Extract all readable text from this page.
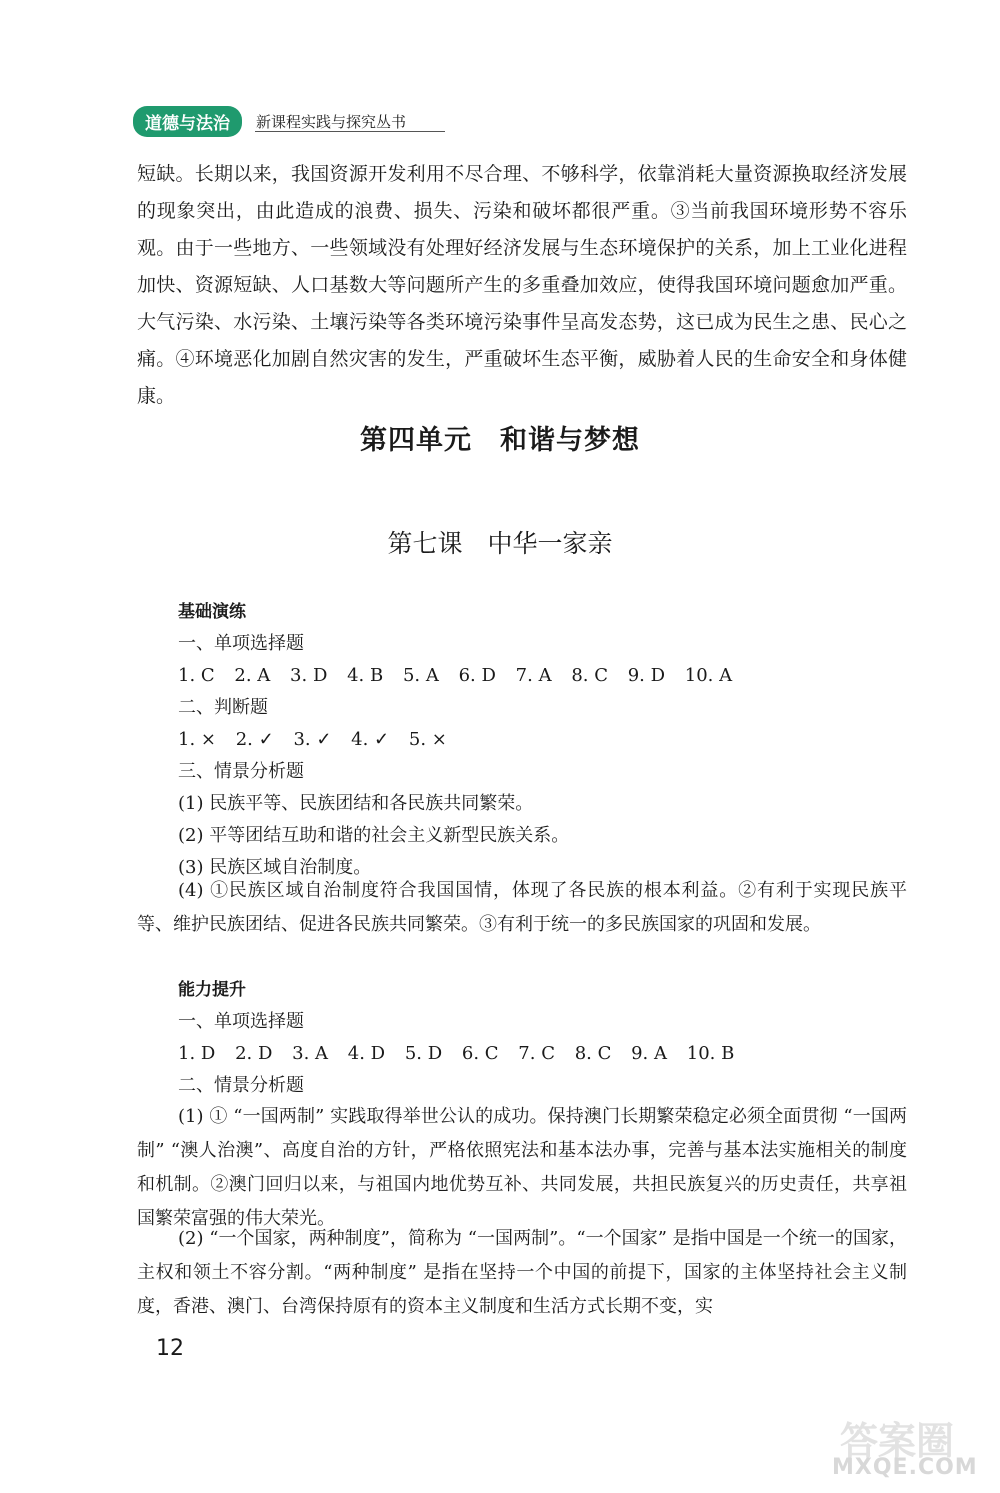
道德与法治	新课程实践与探究丛书
短缺。长期以来，我国资源开发利用不尽合理、不够科学，依靠消耗大量资源换取经济发展的现象突出，由此造成的浪费、损失、污染和破坏都很严重。③当前我国环境形势不容乐观。由于一些地方、一些领域没有处理好经济发展与生态环境保护的关系，加上工业化进程加快、资源短缺、人口基数大等问题所产生的多重叠加效应，使得我国环境问题愈加严重。大气污染、水污染、土壤污染等各类环境污染事件呈高发态势，这已成为民生之患、民心之痛。④环境恶化加剧自然灾害的发生，严重破坏生态平衡，威胁着人民的生命安全和身体健康。
第四单元　和谐与梦想
第七课　中华一家亲
基础演练
一、单项选择题
1. C 2. A 3. D 4. B 5. A 6. D 7. A 8. C 9. D 10. A
二、判断题
1. × 2. ✓ 3. ✓ 4. ✓ 5. ×
三、情景分析题
(1) 民族平等、民族团结和各民族共同繁荣。
(2) 平等团结互助和谐的社会主义新型民族关系。
(3) 民族区域自治制度。
(4) ①民族区域自治制度符合我国国情，体现了各民族的根本利益。②有利于实现民族平等、维护民族团结、促进各民族共同繁荣。③有利于统一的多民族国家的巩固和发展。
能力提升
一、单项选择题
1. D 2. D 3. A 4. D 5. D 6. C 7. C 8. C 9. A 10. B
二、情景分析题
(1) ① “一国两制” 实践取得举世公认的成功。保持澳门长期繁荣稳定必须全面贯彻 “一国两制” “澳人治澳”、高度自治的方针，严格依照宪法和基本法办事，完善与基本法实施相关的制度和机制。②澳门回归以来，与祖国内地优势互补、共同发展，共担民族复兴的历史责任，共享祖国繁荣富强的伟大荣光。
(2) “一个国家，两种制度”，简称为 “一国两制”。“一个国家” 是指中国是一个统一的国家，主权和领土不容分割。“两种制度” 是指在坚持一个中国的前提下，国家的主体坚持社会主义制度，香港、澳门、台湾保持原有的资本主义制度和生活方式长期不变，实
12
答案圈
MXQE.COM
